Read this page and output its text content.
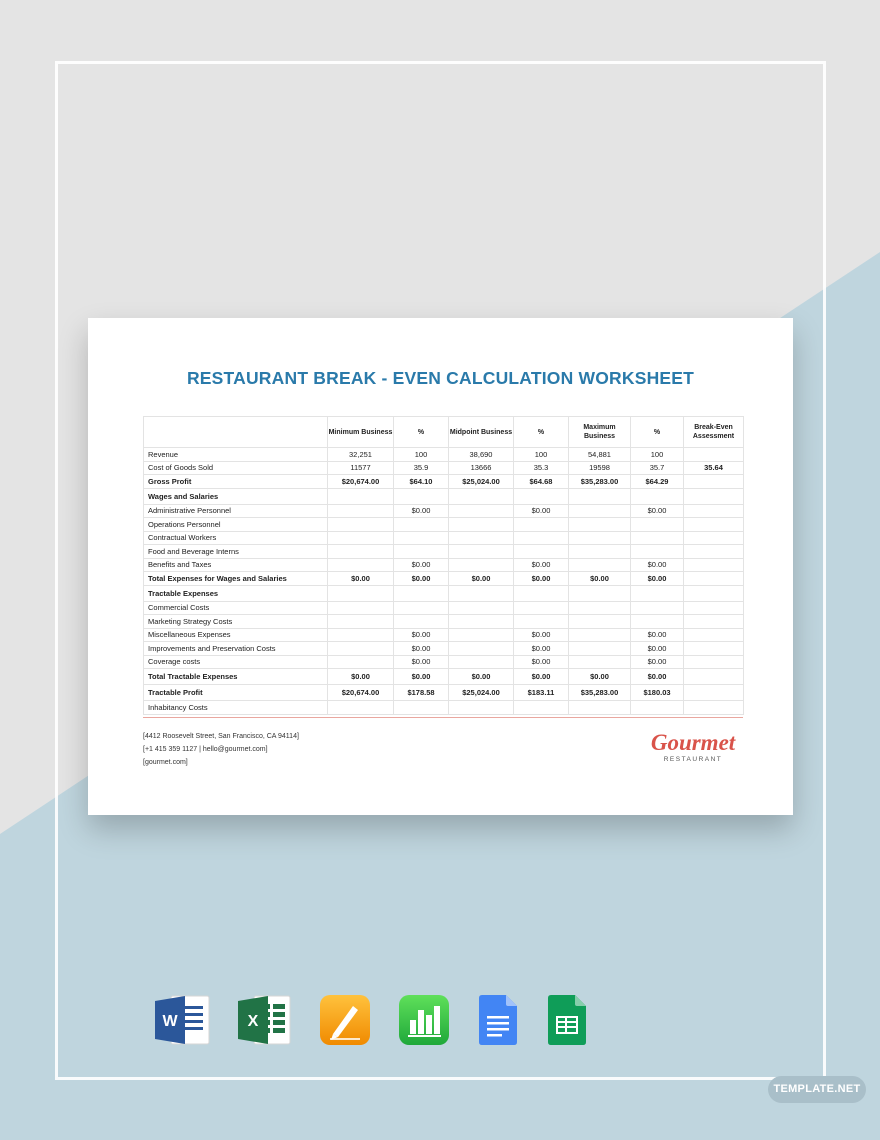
RESTAURANT BREAK - EVEN CALCULATION WORKSHEET
	Minimum Business	%	Midpoint Business	%	Maximum Business	%	Break-Even Assessment
Revenue	32,251	100	38,690	100	54,881	100	
Cost of Goods Sold	11577	35.9	13666	35.3	19598	35.7	35.64
Gross Profit	$20,674.00	$64.10	$25,024.00	$64.68	$35,283.00	$64.29	
Wages and Salaries							
Administrative Personnel		$0.00		$0.00		$0.00	
Operations Personnel							
Contractual Workers							
Food and Beverage Interns							
Benefits and Taxes		$0.00		$0.00		$0.00	
Total Expenses for Wages and Salaries	$0.00	$0.00	$0.00	$0.00	$0.00	$0.00	
Tractable Expenses							
Commercial Costs							
Marketing Strategy Costs							
Miscellaneous Expenses		$0.00		$0.00		$0.00	
Improvements and Preservation Costs		$0.00		$0.00		$0.00	
Coverage costs		$0.00		$0.00		$0.00	
Total Tractable Expenses	$0.00	$0.00	$0.00	$0.00	$0.00	$0.00	
Tractable Profit	$20,674.00	$178.58	$25,024.00	$183.11	$35,283.00	$180.03	
Inhabitancy Costs							
[4412 Roosevelt Street, San Francisco, CA 94114]
[+1 415 359 1127 | hello@gourmet.com]
[gourmet.com]
Gourmet
RESTAURANT
W	X
TEMPLATE.NET
